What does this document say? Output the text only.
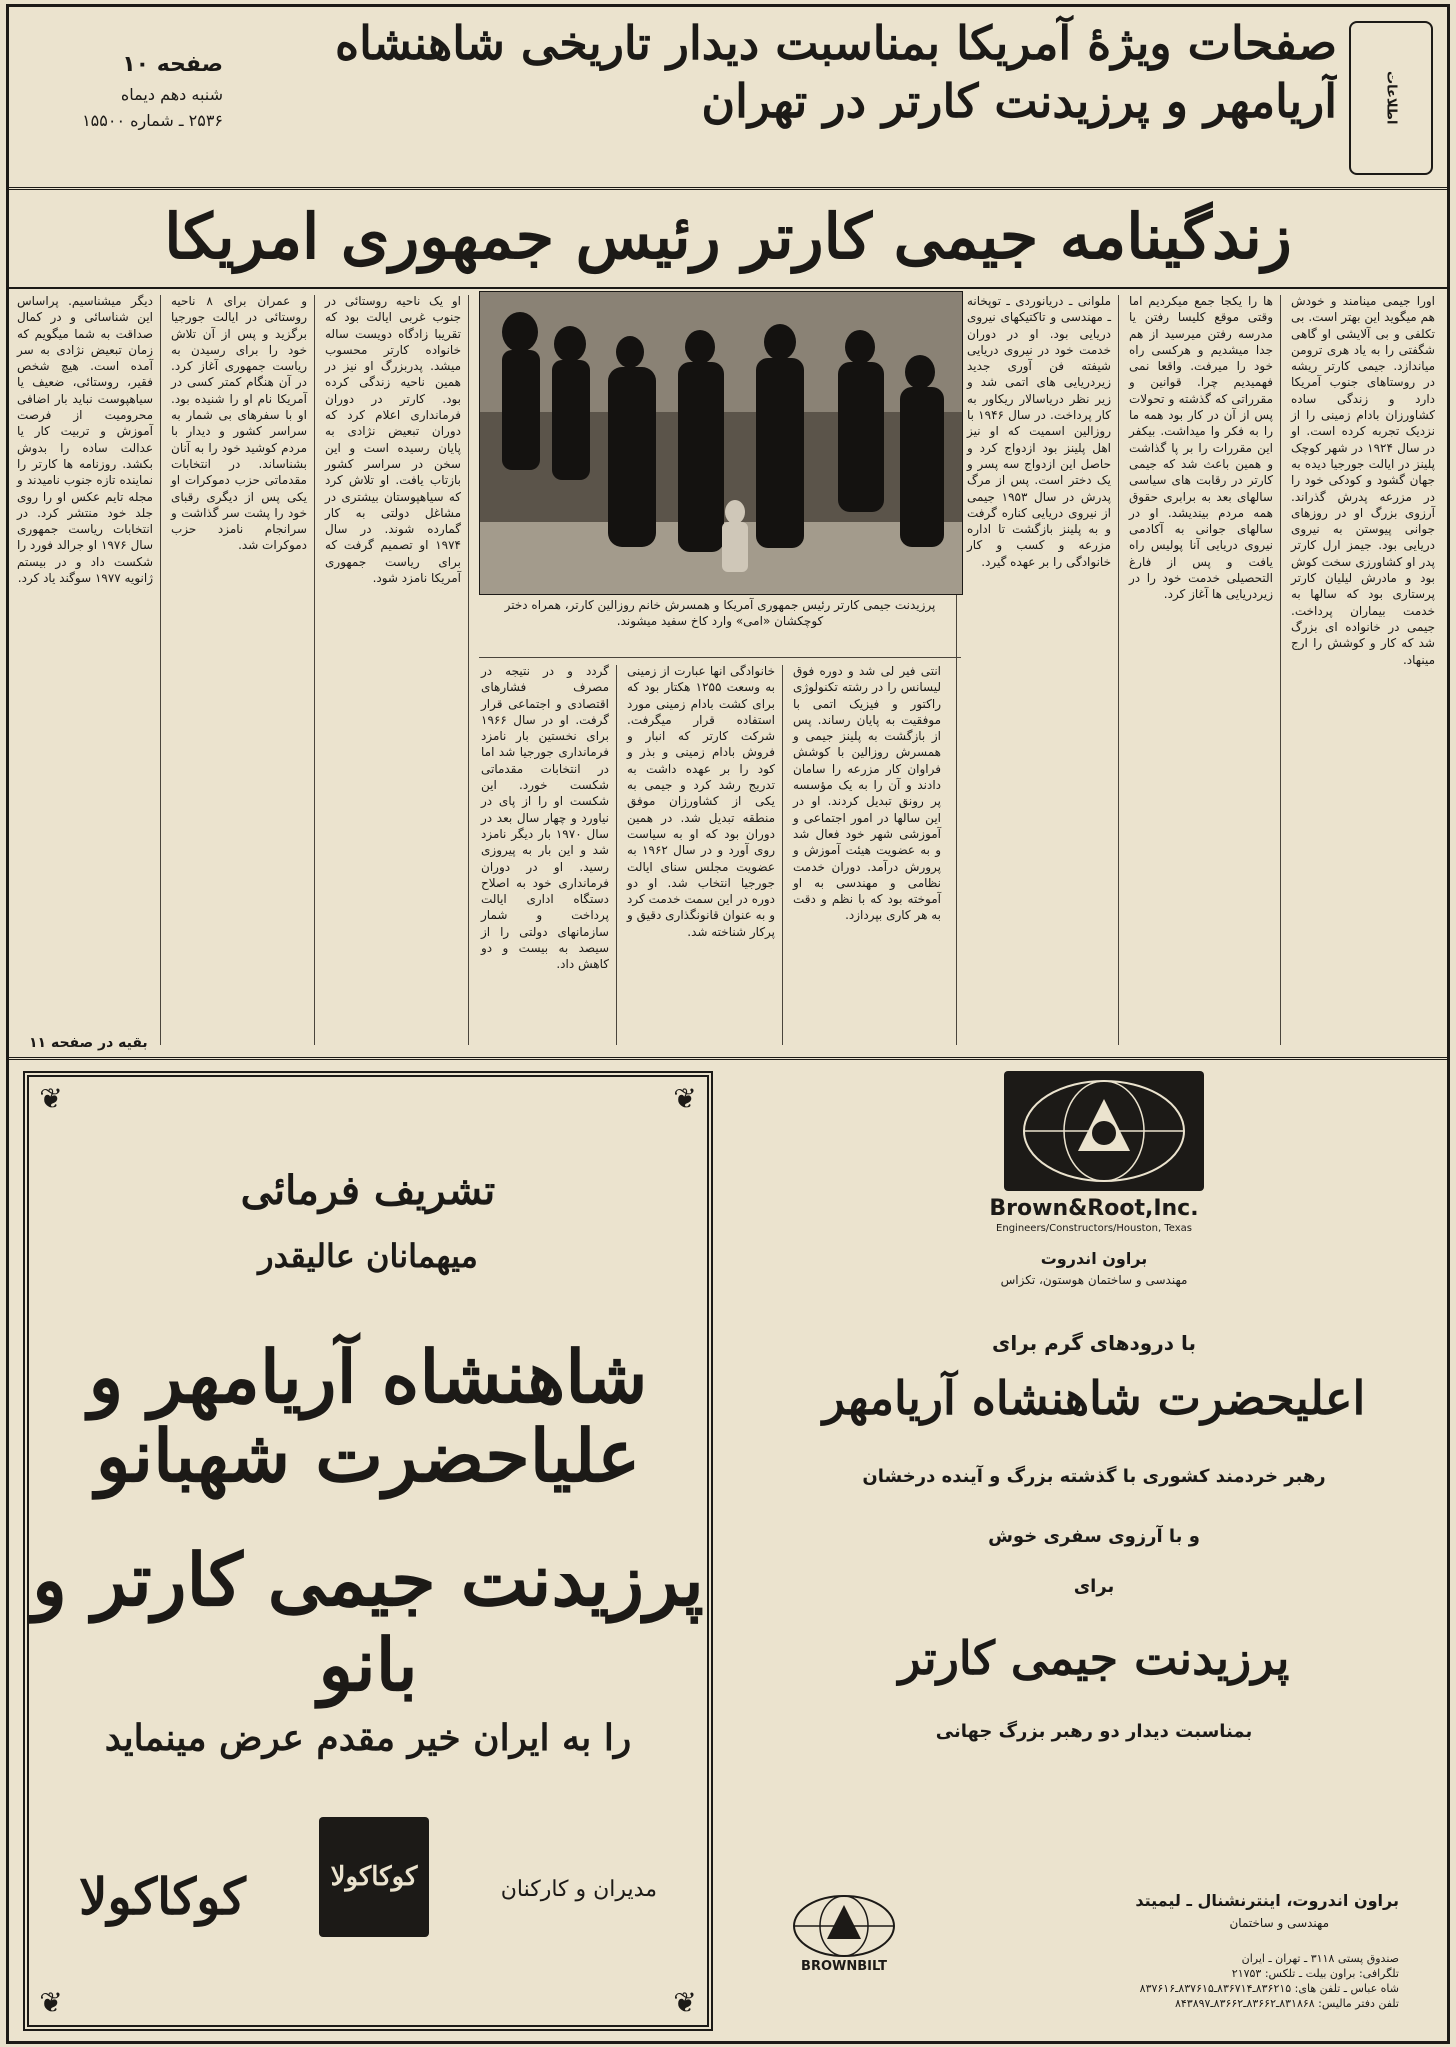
اطلاعات
صفحات ویژهٔ آمریکا بمناسبت دیدار تاریخی شاهنشاه آریامهر و پرزیدنت کارتر در تهران
صفحه ۱۰
شنبه دهم دیماه
۲۵۳۶ ـ شماره ۱۵۵۰۰
زندگینامه جیمی کارتر رئیس جمهوری امریکا
اورا جیمی مینامند و خودش هم میگوید این بهتر است. بی تکلفی و بی آلایشی او گاهی شگفتی را به یاد هری ترومن میاندازد. جیمی کارتر ریشه در روستاهای جنوب آمریکا دارد و زندگی ساده کشاورزان بادام زمینی را از نزدیک تجربه کرده است. او در سال ۱۹۲۴ در شهر کوچک پلینز در ایالت جورجیا دیده به جهان گشود و کودکی خود را در مزرعه پدرش گذراند. آرزوی بزرگ او در روزهای جوانی پیوستن به نیروی دریایی بود. جیمز ارل کارتر پدر او کشاورزی سخت کوش بود و مادرش لیلیان کارتر پرستاری بود که سالها به خدمت بیماران پرداخت. جیمی در خانواده ای بزرگ شد که کار و کوشش را ارج مینهاد.
ها را یکجا جمع میکردیم اما وقتی موقع کلیسا رفتن یا مدرسه رفتن میرسید از هم جدا میشدیم و هرکسی راه خود را میرفت. واقعا نمی فهمیدیم چرا. قوانین و مقرراتی که گذشته و تحولات پس از آن در کار بود همه ما را به فکر وا میداشت. بیکفر این مقررات را بر پا گذاشت و همین باعث شد که جیمی کارتر در رقابت های سیاسی سالهای بعد به برابری حقوق همه مردم بیندیشد. او در سالهای جوانی به آکادمی نیروی دریایی آنا پولیس راه یافت و پس از فارغ التحصیلی خدمت خود را در زیردریایی ها آغاز کرد.
ملوانی ـ دریانوردی ـ توپخانه ـ مهندسی و تاکتیکهای نیروی دریایی بود. او در دوران خدمت خود در نیروی دریایی شیفته فن آوری جدید زیردریایی های اتمی شد و زیر نظر دریاسالار ریکاور به کار پرداخت. در سال ۱۹۴۶ با روزالین اسمیت که او نیز اهل پلینز بود ازدواج کرد و حاصل این ازدواج سه پسر و یک دختر است. پس از مرگ پدرش در سال ۱۹۵۳ جیمی از نیروی دریایی کناره گرفت و به پلینز بازگشت تا اداره مزرعه و کسب و کار خانوادگی را بر عهده گیرد.
پرزیدنت جیمی کارتر رئیس جمهوری آمریکا و همسرش خانم روزالین کارتر، همراه دختر کوچکشان «امی» وارد کاخ سفید میشوند.
انتی فیر لی شد و دوره فوق لیسانس را در رشته تکنولوژی راکتور و فیزیک اتمی با موفقیت به پایان رساند. پس از بازگشت به پلینز جیمی و همسرش روزالین با کوشش فراوان کار مزرعه را سامان دادند و آن را به یک مؤسسه پر رونق تبدیل کردند. او در این سالها در امور اجتماعی و آموزشی شهر خود فعال شد و به عضویت هیئت آموزش و پرورش درآمد. دوران خدمت نظامی و مهندسی به او آموخته بود که با نظم و دقت به هر کاری بپردازد.
خانوادگی انها عبارت از زمینی به وسعت ۱۲۵۵ هکتار بود که برای کشت بادام زمینی مورد استفاده قرار میگرفت. شرکت کارتر که انبار و فروش بادام زمینی و بذر و کود را بر عهده داشت به تدریج رشد کرد و جیمی به یکی از کشاورزان موفق منطقه تبدیل شد. در همین دوران بود که او به سیاست روی آورد و در سال ۱۹۶۲ به عضویت مجلس سنای ایالت جورجیا انتخاب شد. او دو دوره در این سمت خدمت کرد و به عنوان قانونگذاری دقیق و پرکار شناخته شد.
گردد و در نتیجه در مصرف فشارهای اقتصادی و اجتماعی قرار گرفت. او در سال ۱۹۶۶ برای نخستین بار نامزد فرمانداری جورجیا شد اما در انتخابات مقدماتی شکست خورد. این شکست او را از پای در نیاورد و چهار سال بعد در سال ۱۹۷۰ بار دیگر نامزد شد و این بار به پیروزی رسید. او در دوران فرمانداری خود به اصلاح دستگاه اداری ایالت پرداخت و شمار سازمانهای دولتی را از سیصد به بیست و دو کاهش داد.
او یک ناحیه روستائی در جنوب غربی ایالت بود که تقریبا زادگاه دویست ساله خانواده کارتر محسوب میشد. پدربزرگ او نیز در همین ناحیه زندگی کرده بود. کارتر در دوران فرمانداری اعلام کرد که دوران تبعیض نژادی به پایان رسیده است و این سخن در سراسر کشور بازتاب یافت. او تلاش کرد که سیاهپوستان بیشتری در مشاغل دولتی به کار گمارده شوند. در سال ۱۹۷۴ او تصمیم گرفت که برای ریاست جمهوری آمریکا نامزد شود.
و عمران برای ۸ ناحیه روستائی در ایالت جورجیا برگزید و پس از آن تلاش خود را برای رسیدن به ریاست جمهوری آغاز کرد. در آن هنگام کمتر کسی در آمریکا نام او را شنیده بود. او با سفرهای بی شمار به سراسر کشور و دیدار با مردم کوشید خود را به آنان بشناساند. در انتخابات مقدماتی حزب دموکرات او یکی پس از دیگری رقبای خود را پشت سر گذاشت و سرانجام نامزد حزب دموکرات شد.
دیگر میشناسیم. پراساس این شناسائی و در کمال صداقت به شما میگویم که زمان تبعیض نژادی به سر آمده است. هیچ شخص فقیر، روستائی، ضعیف یا سیاهپوست نباید بار اضافی محرومیت از فرصت آموزش و تربیت کار یا عدالت ساده را بدوش بکشد. روزنامه ها کارتر را نماینده تازه جنوب نامیدند و مجله تایم عکس او را روی جلد خود منتشر کرد. در انتخابات ریاست جمهوری سال ۱۹۷۶ او جرالد فورد را شکست داد و در بیستم ژانویه ۱۹۷۷ سوگند یاد کرد.
بقیه در صفحه ۱۱
❦
❦
❦
❦
تشریف فرمائی
میهمانان عالیقدر
شاهنشاه آریامهر و علیاحضرت شهبانو
پرزیدنت جیمی کارتر و بانو
را به ایران خیر مقدم عرض مینماید
کوکاکولا	مدیران و کارکنان
کوکاکولا
Brown&Root,Inc.
Engineers/Constructors/Houston, Texas
براون اندروت
مهندسی و ساختمان هوستون، تکزاس
با درودهای گرم برای
اعلیحضرت شاهنشاه آریامهر
رهبر خردمند کشوری با گذشته بزرگ و آینده درخشان
و با آرزوی سفری خوش
برای
پرزیدنت جیمی کارتر
بمناسبت دیدار دو رهبر بزرگ جهانی
BROWNBILT
براون اندروت، اینترنشنال ـ لیمیتد
مهندسی و ساختمان
صندوق پستی ۳۱۱۸ ـ تهران ـ ایران
تلگرافی: براون بیلت ـ تلکس: ۲۱۷۵۳
شاه عباس ـ تلفن های: ۸۳۶۲۱۵ـ۸۳۶۷۱۴ـ۸۳۷۶۱۵ـ۸۳۷۶۱۶
تلفن دفتر مالیس: ۸۳۱۸۶۸ـ۸۳۶۶۲ـ۸۳۶۶۲ـ۸۴۳۸۹۷
